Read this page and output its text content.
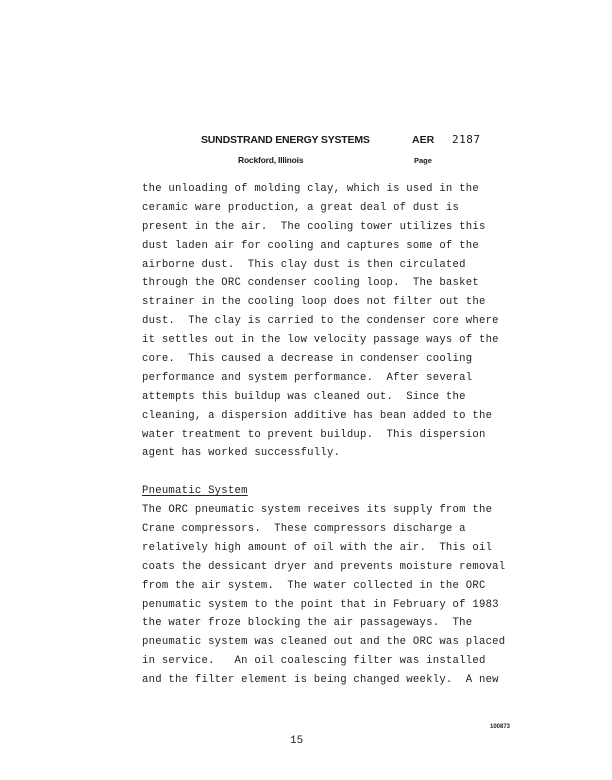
SUNDSTRAND ENERGY SYSTEMS
Rockford, Illinois
AER 2187
Page
the unloading of molding clay, which is used in the
ceramic ware production, a great deal of dust is
present in the air.  The cooling tower utilizes this
dust laden air for cooling and captures some of the
airborne dust.  This clay dust is then circulated
through the ORC condenser cooling loop.  The basket
strainer in the cooling loop does not filter out the
dust.  The clay is carried to the condenser core where
it settles out in the low velocity passage ways of the
core.  This caused a decrease in condenser cooling
performance and system performance.  After several
attempts this buildup was cleaned out.  Since the
cleaning, a dispersion additive has bean added to the
water treatment to prevent buildup.  This dispersion
agent has worked successfully.
Pneumatic System
The ORC pneumatic system receives its supply from the
Crane compressors.  These compressors discharge a
relatively high amount of oil with the air.  This oil
coats the dessicant dryer and prevents moisture removal
from the air system.  The water collected in the ORC
penumatic system to the point that in February of 1983
the water froze blocking the air passageways.  The
pneumatic system was cleaned out and the ORC was placed
in service.   An oil coalescing filter was installed
and the filter element is being changed weekly.  A new
100873
15
